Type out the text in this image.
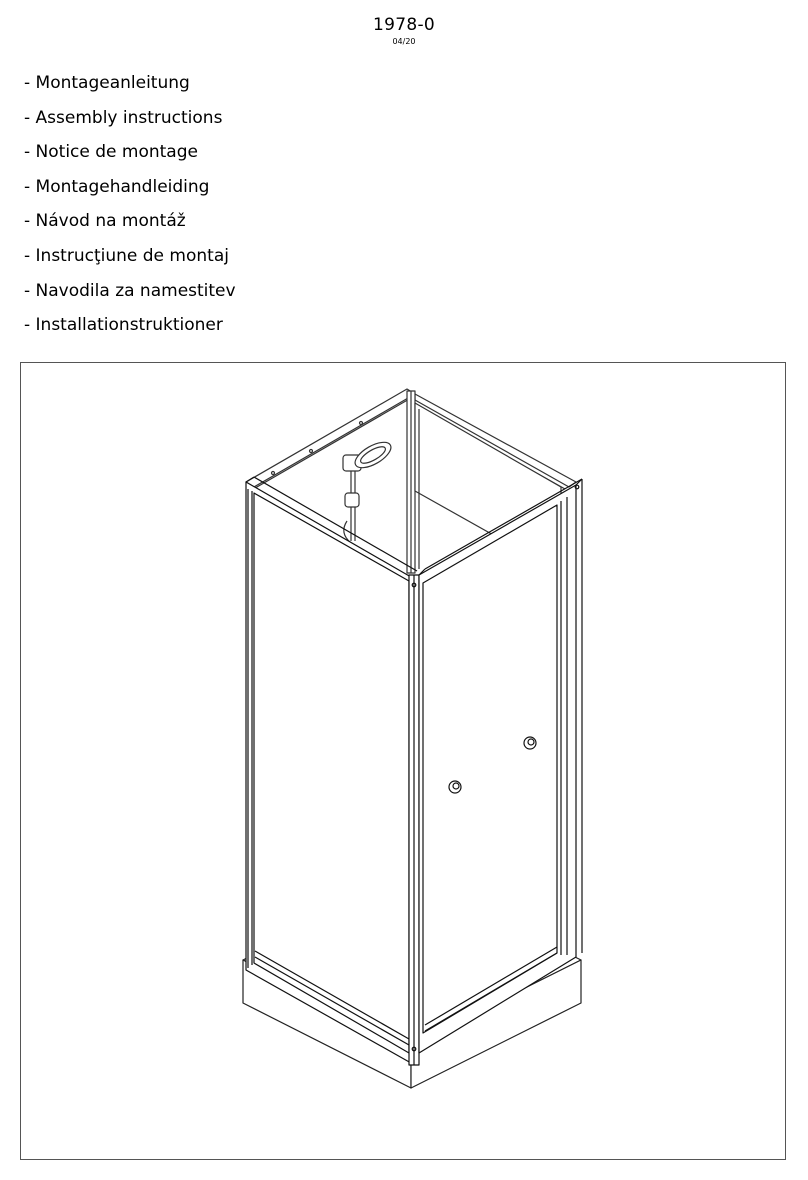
1978-0
04/20
- Montageanleitung
- Assembly instructions
- Notice de montage
- Montagehandleiding
- Návod na montáž
- Instrucţiune de montaj
- Navodila za namestitev
- Installationstruktioner
